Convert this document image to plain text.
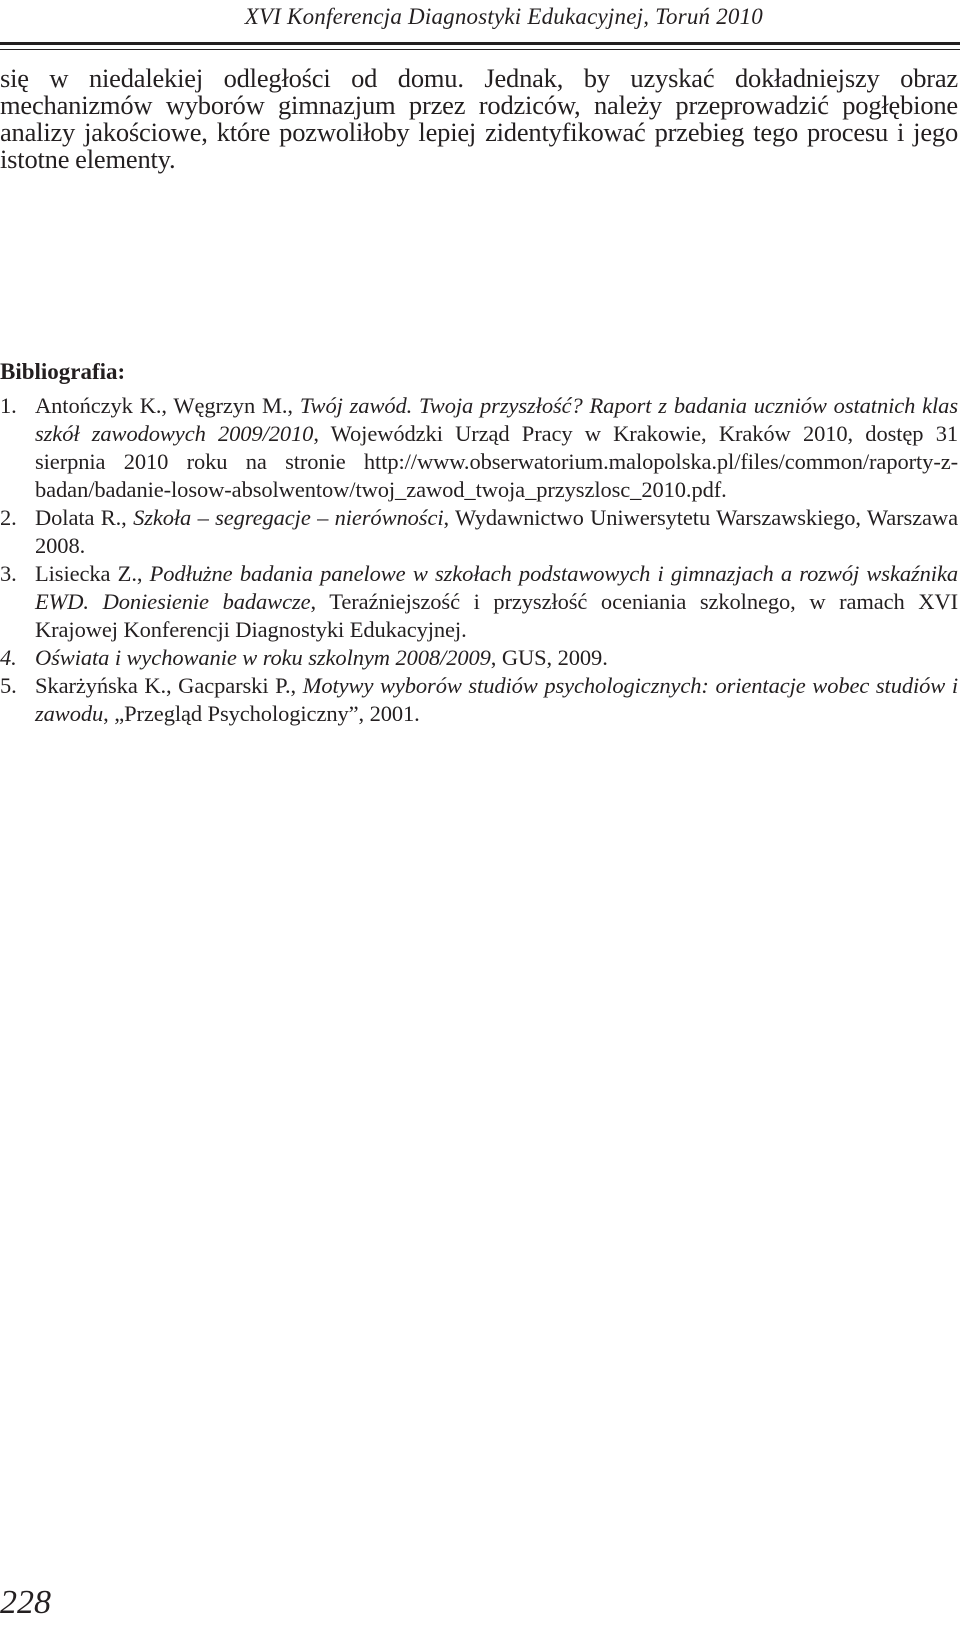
XVI Konferencja Diagnostyki Edukacyjnej, Toruń 2010

się w niedalekiej odległości od domu. Jednak, by uzyskać dokładniejszy obraz mechanizmów wyborów gimnazjum przez rodziców, należy przeprowadzić pogłębione analizy jakościowe, które pozwoliłoby lepiej zidentyfikować przebieg tego procesu i jego istotne elementy.

Bibliografia:
1. Antończyk K., Węgrzyn M., Twój zawód. Twoja przyszłość? Raport z badania uczniów ostatnich klas szkół zawodowych 2009/2010, Wojewódzki Urząd Pracy w Krakowie, Kraków 2010, dostęp 31 sierpnia 2010 roku na stronie http://www.obserwatorium.malopolska.pl/files/common/raporty-z-badan/badanie-losow-absolwentow/twoj_zawod_twoja_przyszlosc_2010.pdf.
2. Dolata R., Szkoła – segregacje – nierówności, Wydawnictwo Uniwersytetu Warszawskiego, Warszawa 2008.
3. Lisiecka Z., Podłużne badania panelowe w szkołach podstawowych i gimnazjach a rozwój wskaźnika EWD. Doniesienie badawcze, Teraźniejszość i przyszłość oceniania szkolnego, w ramach XVI Krajowej Konferencji Diagnostyki Edukacyjnej.
4. Oświata i wychowanie w roku szkolnym 2008/2009, GUS, 2009.
5. Skarżyńska K., Gacparski P., Motywy wyborów studiów psychologicznych: orientacje wobec studiów i zawodu, „Przegląd Psychologiczny”, 2001.
228
